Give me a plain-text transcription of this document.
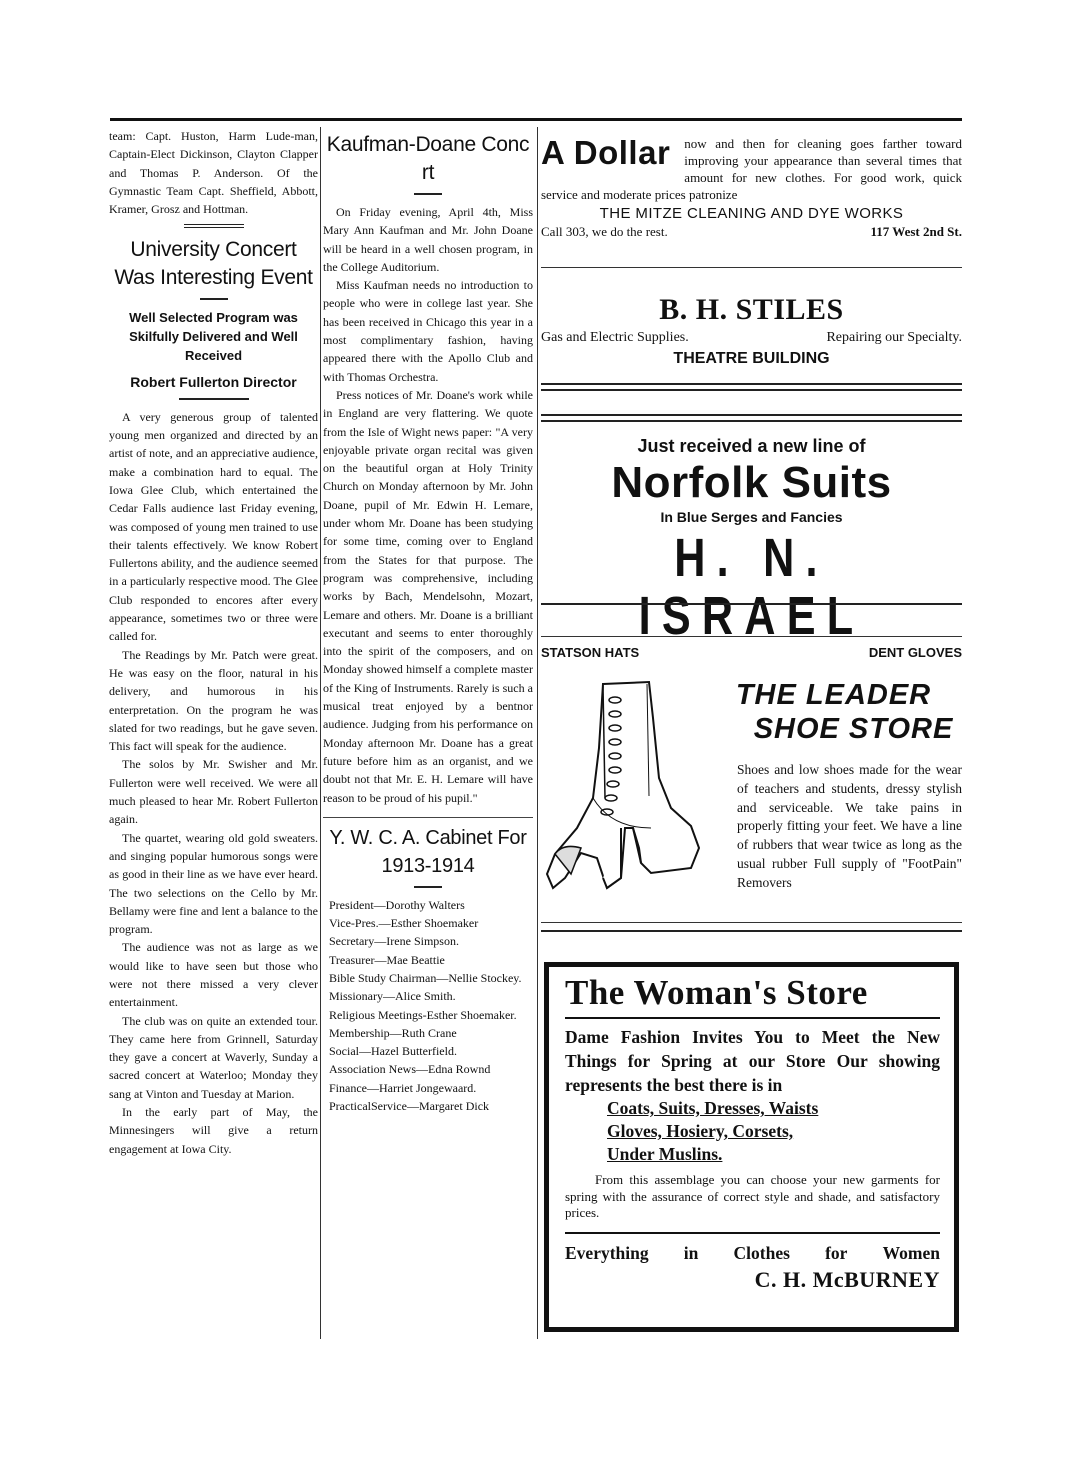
team: Capt. Huston, Harm Lude-man, Captain-Elect Dickinson, Clayton Clapper and Thomas P. Anderson. Of the Gymnastic Team Capt. Sheffield, Abbott, Kramer, Grosz and Hottman.

University Concert Was Interesting Event
Well Selected Program was Skilfully Delivered and Well Received
Robert Fullerton Director

A very generous group of talented young men organized and directed by an artist of note, and an appreciative audience, make a combination hard to equal. The Iowa Glee Club, which entertained the Cedar Falls audience last Friday evening, was composed of young men trained to use their talents effectively. We know Robert Fullertons ability, and the audience seemed in a particularly respective mood. The Glee Club responded to encores after every appearance, sometimes two or three were called for.

The Readings by Mr. Patch were great. He was easy on the floor, natural in his delivery, and humorous in his enterpretation. On the program he was slated for two readings, but he gave seven. This fact will speak for the audience.

The solos by Mr. Swisher and Mr. Fullerton were well received. We were all much pleased to hear Mr. Robert Fullerton again.

The quartet, wearing old gold sweaters. and singing popular humorous songs were as good in their line as we have ever heard. The two selections on the Cello by Mr. Bellamy were fine and lent a balance to the program.

The audience was not as large as we would like to have seen but those who were not there missed a very clever entertainment.

The club was on quite an extended tour. They came here from Grinnell, Saturday they gave a concert at Waverly, Sunday a sacred concert at Waterloo; Monday they sang at Vinton and Tuesday at Marion.

In the early part of May, the Minnesingers will give a return engagement at Iowa City.

Kaufman-Doane Conc rt

On Friday evening, April 4th, Miss Mary Ann Kaufman and Mr. John Doane will be heard in a well chosen program, in the College Auditorium.

Miss Kaufman needs no introduction to people who were in college last year. She has been received in Chicago this year in a most complimentary fashion, having appeared there with the Apollo Club and with Thomas Orchestra.

Press notices of Mr. Doane's work while in England are very flattering. We quote from the Isle of Wight news paper: "A very enjoyable private organ recital was given on the beautiful organ at Holy Trinity Church on Monday afternoon by Mr. John Doane, pupil of Mr. Edwin H. Lemare, under whom Mr. Doane has been studying for some time, coming over to England from the States for that purpose. The program was comprehensive, including works by Bach, Mendelsohn, Mozart, Lemare and others. Mr. Doane is a brilliant executant and seems to enter thoroughly into the spirit of the composers, and on Monday showed himself a complete master of the King of Instruments. Rarely is such a musical treat enjoyed by a bentnor audience. Judging from his performance on Monday afternoon Mr. Doane has a great future before him as an organist, and we doubt not that Mr. E. H. Lemare will have reason to be proud of his pupil."

Y. W. C. A. Cabinet For 1913-1914

President—Dorothy Walters

Vice-Pres.—Esther Shoemaker

Secretary—Irene Simpson.

Treasurer—Mae Beattie

Bible Study Chairman—Nellie Stockey.

Missionary—Alice Smith.

Religious Meetings-Esther Shoemaker.

Membership—Ruth Crane

Social—Hazel Butterfield.

Association News—Edna Rownd

Finance—Harriet Jongewaard.

PracticalService—Margaret Dick

A Dollar	now and then for cleaning goes farther toward improving your appearance than several times that amount for new clothes. For good work, quick service and moderate prices patronize
THE MITZE CLEANING AND DYE WORKS
Call 303, we do the rest.	117 West 2nd St.
B. H. STILES
Gas and Electric Supplies.	Repairing our Specialty.
THEATRE BUILDING
Just received a new line of
Norfolk Suits
In Blue Serges and Fancies
H. N. ISRAEL
STATSON HATS	DENT GLOVES
THE LEADER
SHOE STORE
Shoes and low shoes made for the wear of teachers and students, dressy stylish and serviceable. We take pains in properly fitting your feet. We have a line of rubbers that wear twice as long as the usual rubber Full supply of "FootPain" Removers
The Woman's Store
Dame Fashion Invites You to Meet the New Things for Spring at our Store Our showing represents the best there is in
Coats, Suits, Dresses, Waists
Gloves, Hosiery, Corsets,
Under Muslins.
From this assemblage you can choose your new garments for spring with the assurance of correct style and shade, and satisfactory prices.
Everything in Clothes for Women
C. H. McBURNEY
